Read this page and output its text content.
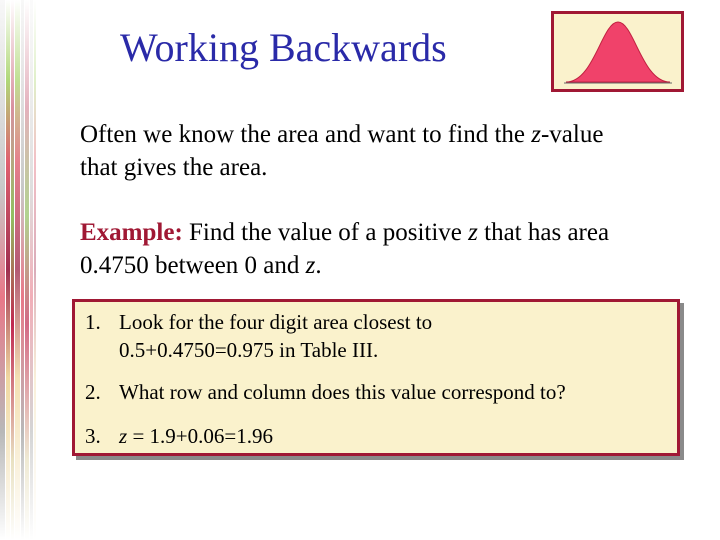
Working Backwards
Often we know the area and want to find the z-value
that gives the area.
Example: Find the value of a positive z that has area
0.4750 between 0 and z.
1. Look for the four digit area closest to
0.5+0.4750=0.975 in Table III.
2. What row and column does this value correspond to?
3. z = 1.9+0.06=1.96
